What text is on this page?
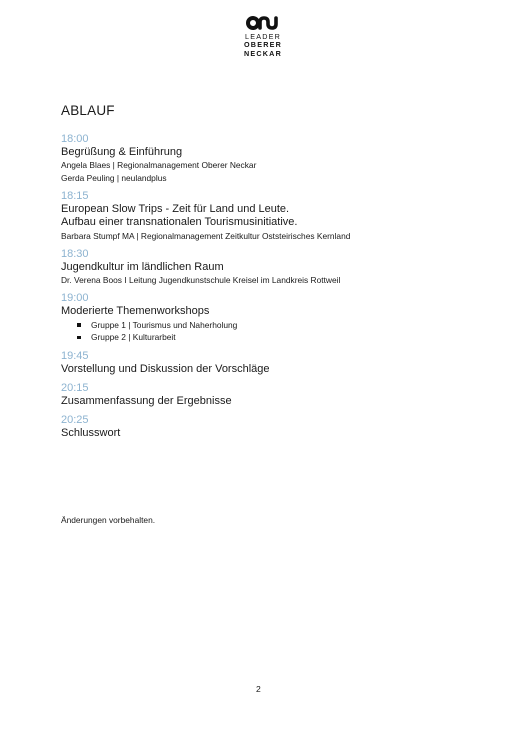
LEADER
OBERER
NECKAR
ABLAUF
18:00
Begrüßung & Einführung
Angela Blaes | Regionalmanagement Oberer Neckar
Gerda Peuling | neulandplus
18:15
European Slow Trips - Zeit für Land und Leute.
Aufbau einer transnationalen Tourismusinitiative.
Barbara Stumpf MA | Regionalmanagement Zeitkultur Oststeirisches Kernland
18:30
Jugendkultur im ländlichen Raum
Dr. Verena Boos I Leitung Jugendkunstschule Kreisel im Landkreis Rottweil
19:00
Moderierte Themenworkshops
Gruppe 1 | Tourismus und Naherholung
Gruppe 2 | Kulturarbeit
19:45
Vorstellung und Diskussion der Vorschläge
20:15
Zusammenfassung der Ergebnisse
20:25
Schlusswort
Änderungen vorbehalten.
2
